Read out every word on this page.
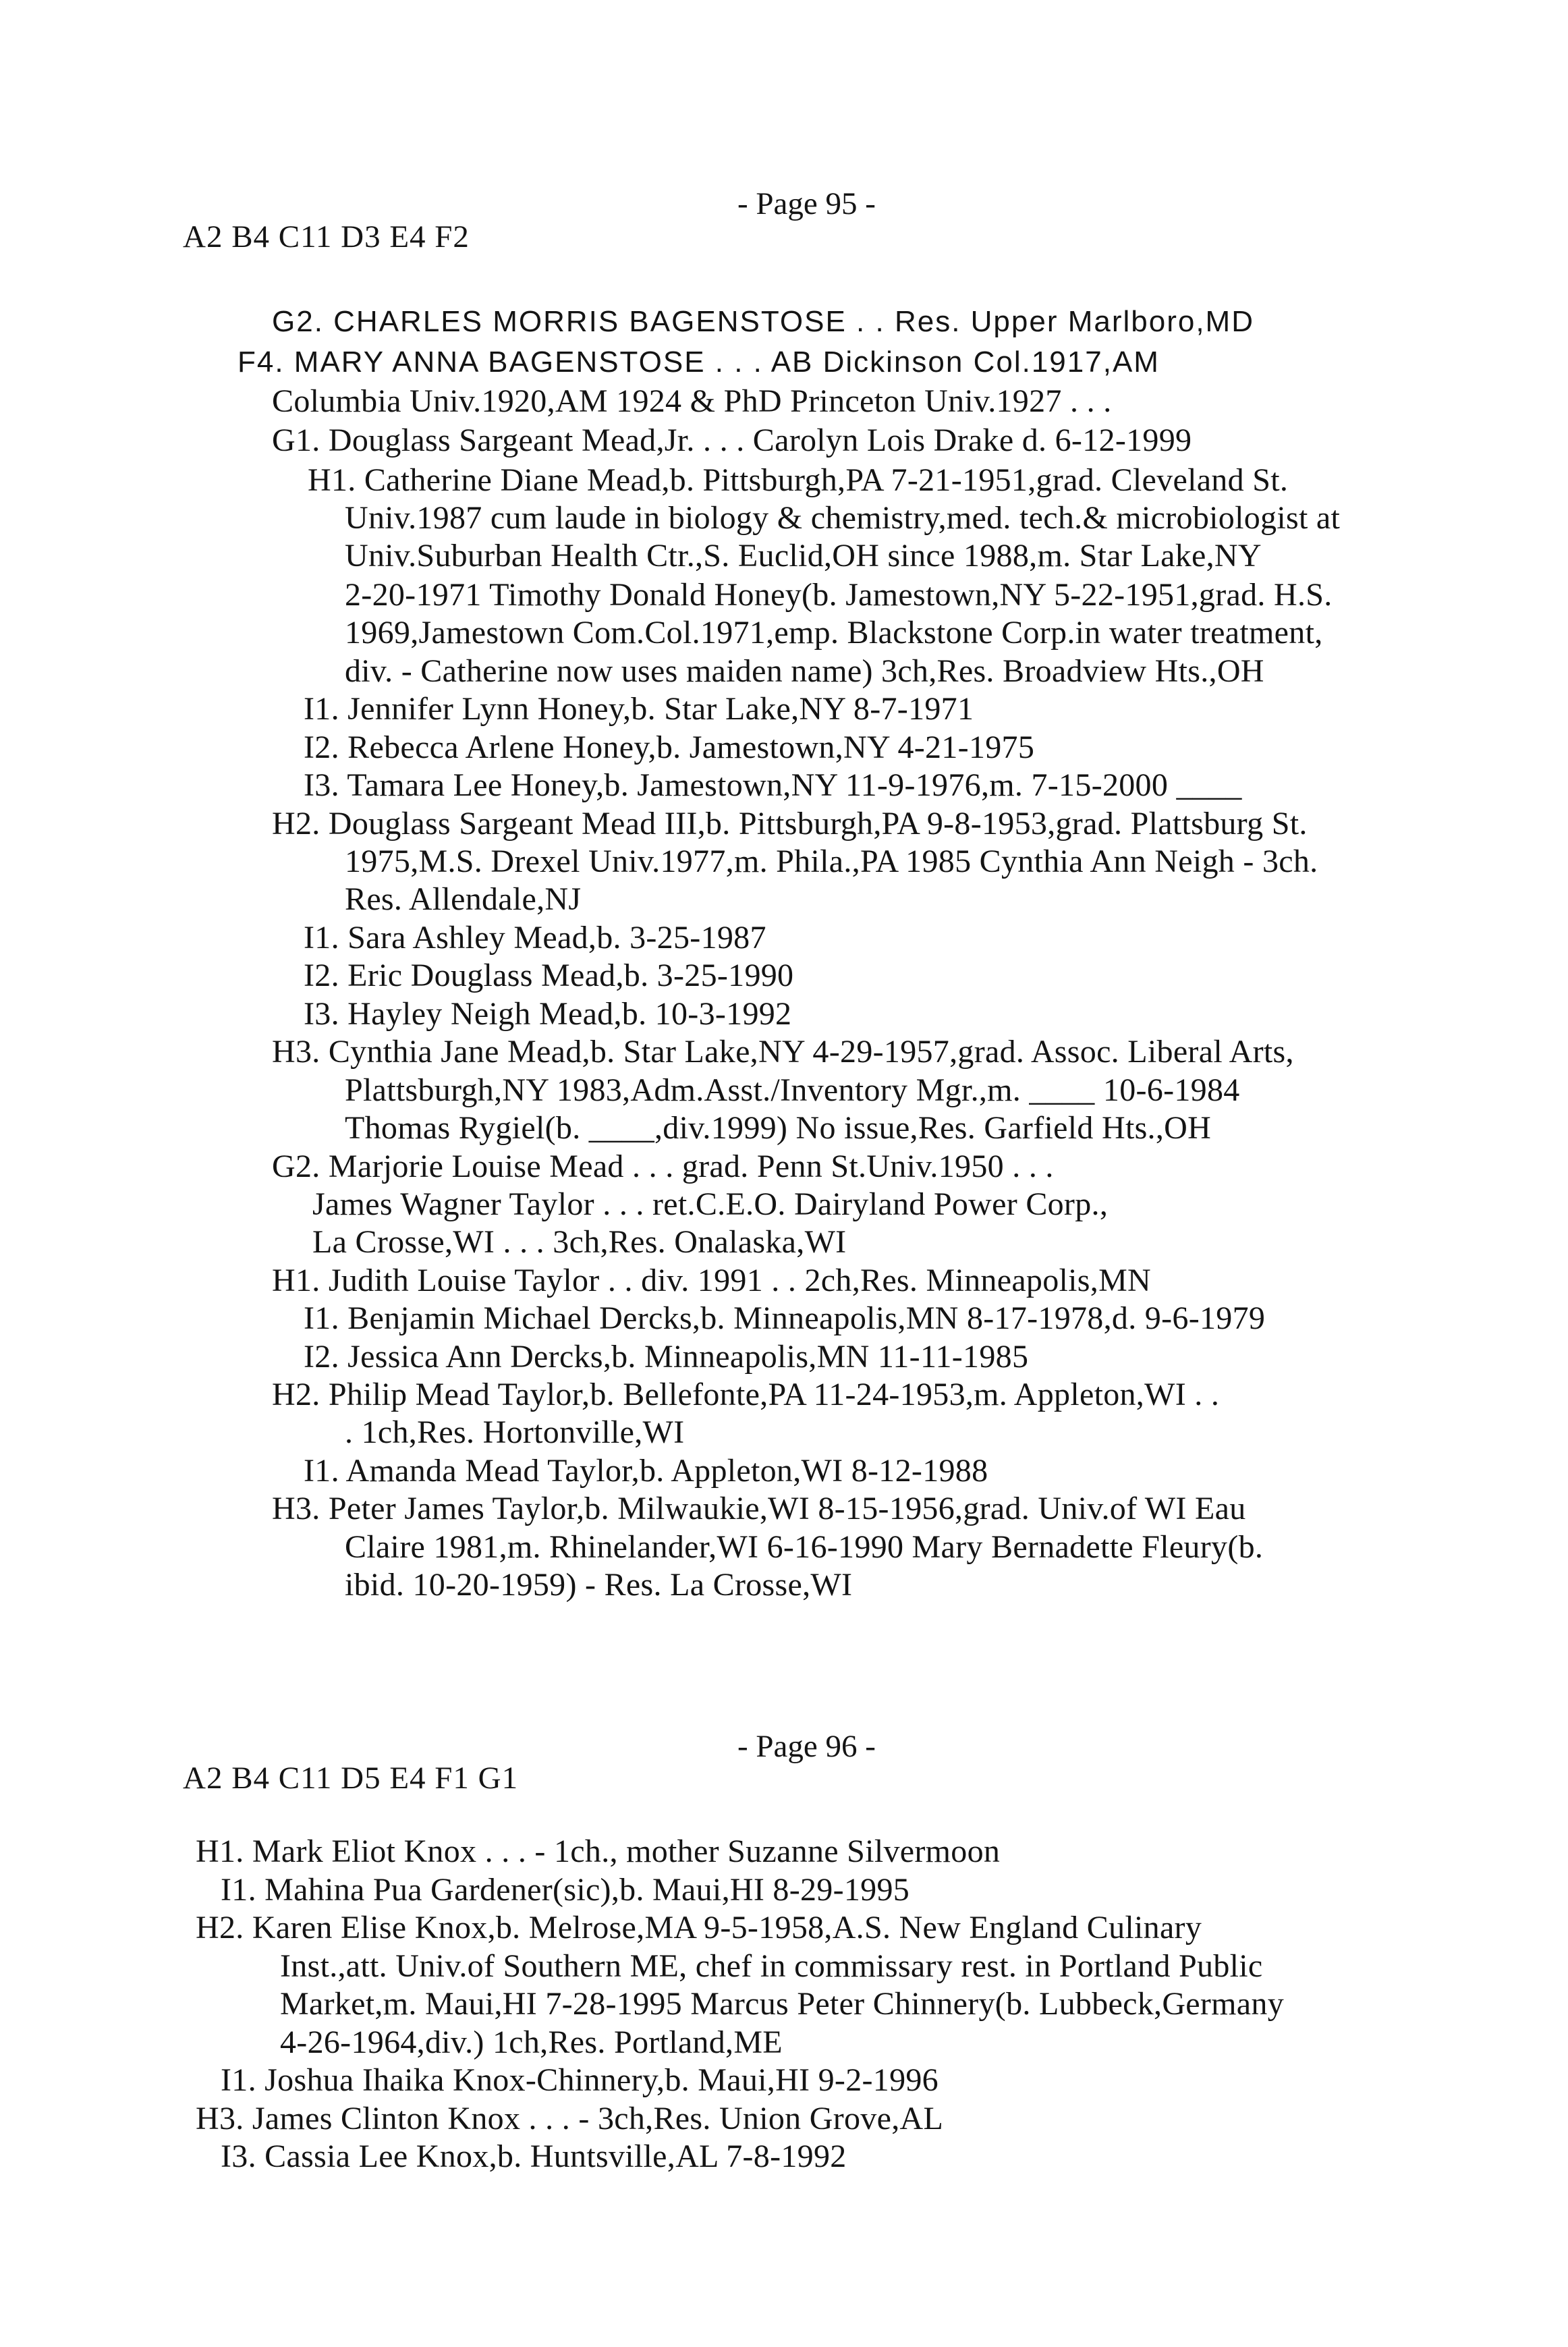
- Page 95 -
A2 B4 C11 D3 E4 F2
G2. CHARLES MORRIS BAGENSTOSE . . Res. Upper Marlboro,MD
F4. MARY ANNA BAGENSTOSE . . . AB Dickinson Col.1917,AM
Columbia Univ.1920,AM 1924 & PhD Princeton Univ.1927 . . .
G1. Douglass Sargeant Mead,Jr. . . . Carolyn Lois Drake d. 6-12-1999
H1. Catherine Diane Mead,b. Pittsburgh,PA 7-21-1951,grad. Cleveland St.
Univ.1987 cum laude in biology & chemistry,med. tech.& microbiologist at
Univ.Suburban Health Ctr.,S. Euclid,OH since 1988,m. Star Lake,NY
2-20-1971 Timothy Donald Honey(b. Jamestown,NY 5-22-1951,grad. H.S.
1969,Jamestown Com.Col.1971,emp. Blackstone Corp.in water treatment,
div. - Catherine now uses maiden name) 3ch,Res. Broadview Hts.,OH
I1. Jennifer Lynn Honey,b. Star Lake,NY 8-7-1971
I2. Rebecca Arlene Honey,b. Jamestown,NY 4-21-1975
I3. Tamara Lee Honey,b. Jamestown,NY 11-9-1976,m. 7-15-2000 ____
H2. Douglass Sargeant Mead III,b. Pittsburgh,PA 9-8-1953,grad. Plattsburg St.
1975,M.S. Drexel Univ.1977,m. Phila.,PA 1985 Cynthia Ann Neigh - 3ch.
Res. Allendale,NJ
I1. Sara Ashley Mead,b. 3-25-1987
I2. Eric Douglass Mead,b. 3-25-1990
I3. Hayley Neigh Mead,b. 10-3-1992
H3. Cynthia Jane Mead,b. Star Lake,NY 4-29-1957,grad. Assoc. Liberal Arts,
Plattsburgh,NY 1983,Adm.Asst./Inventory Mgr.,m. ____ 10-6-1984
Thomas Rygiel(b. ____,div.1999) No issue,Res. Garfield Hts.,OH
G2. Marjorie Louise Mead . . . grad. Penn St.Univ.1950 . . .
James Wagner Taylor . . . ret.C.E.O. Dairyland Power Corp.,
La Crosse,WI . . . 3ch,Res. Onalaska,WI
H1. Judith Louise Taylor . . div. 1991 . . 2ch,Res. Minneapolis,MN
I1. Benjamin Michael Dercks,b. Minneapolis,MN 8-17-1978,d. 9-6-1979
I2. Jessica Ann Dercks,b. Minneapolis,MN 11-11-1985
H2. Philip Mead Taylor,b. Bellefonte,PA 11-24-1953,m. Appleton,WI . .
. 1ch,Res. Hortonville,WI
I1. Amanda Mead Taylor,b. Appleton,WI 8-12-1988
H3. Peter James Taylor,b. Milwaukie,WI 8-15-1956,grad. Univ.of WI Eau
Claire 1981,m. Rhinelander,WI 6-16-1990 Mary Bernadette Fleury(b.
ibid. 10-20-1959) - Res. La Crosse,WI
- Page 96 -
A2 B4 C11 D5 E4 F1 G1
H1. Mark Eliot Knox . . . - 1ch., mother Suzanne Silvermoon
I1. Mahina Pua Gardener(sic),b. Maui,HI 8-29-1995
H2. Karen Elise Knox,b. Melrose,MA 9-5-1958,A.S. New England Culinary
Inst.,att. Univ.of Southern ME, chef in commissary rest. in Portland Public
Market,m. Maui,HI 7-28-1995 Marcus Peter Chinnery(b. Lubbeck,Germany
4-26-1964,div.) 1ch,Res. Portland,ME
I1. Joshua Ihaika Knox-Chinnery,b. Maui,HI 9-2-1996
H3. James Clinton Knox . . . - 3ch,Res. Union Grove,AL
I3. Cassia Lee Knox,b. Huntsville,AL 7-8-1992
